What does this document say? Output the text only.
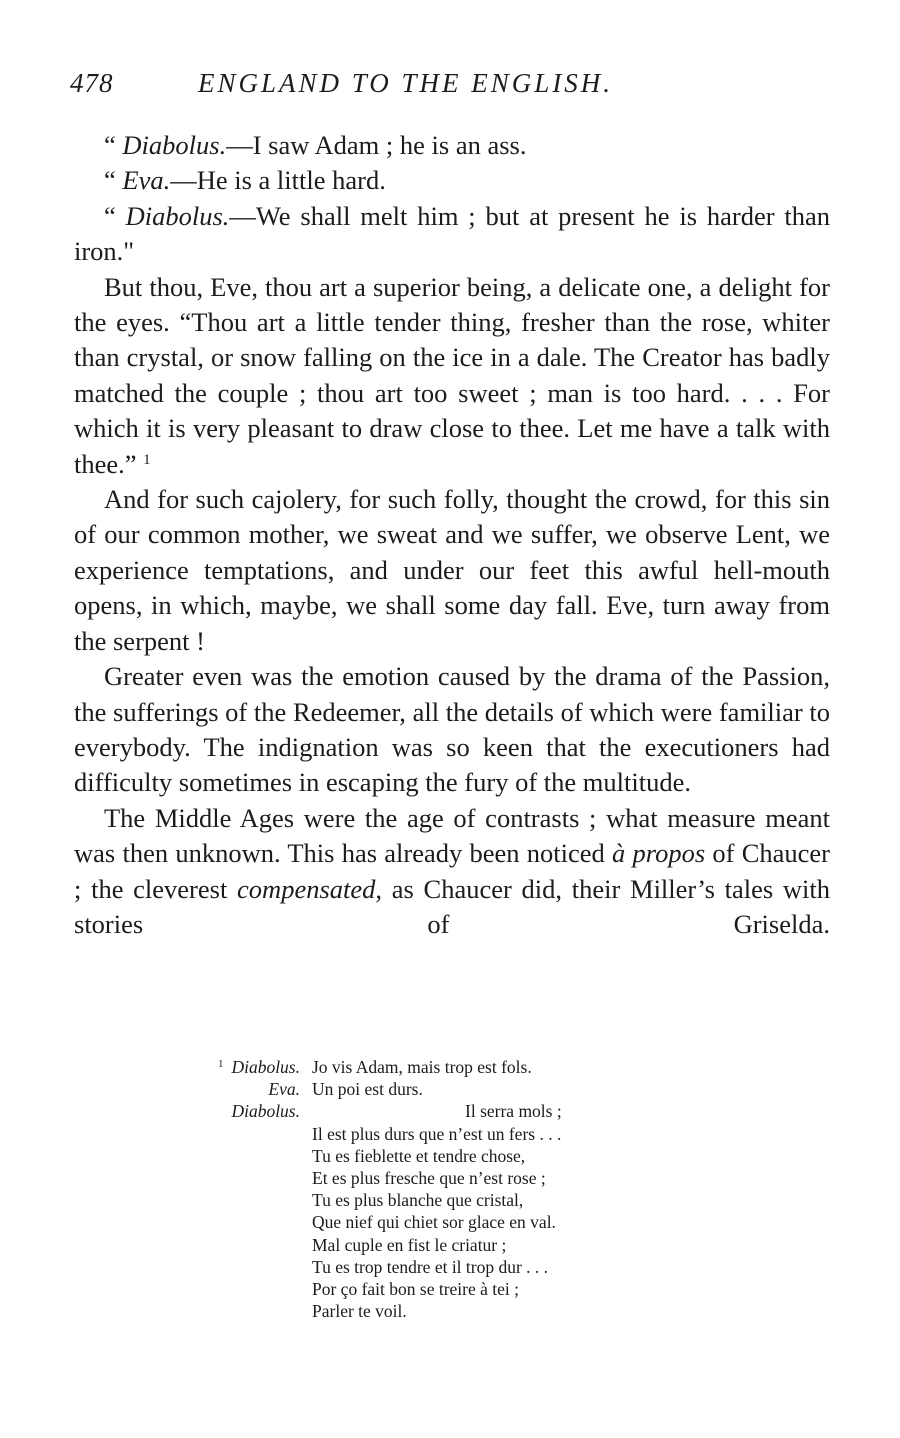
478	ENGLAND TO THE ENGLISH.

“ Diabolus.—I saw Adam ; he is an ass.

“ Eva.—He is a little hard.

“ Diabolus.—We shall melt him ; but at present he is harder than iron."

But thou, Eve, thou art a superior being, a delicate one, a delight for the eyes. “Thou art a little tender thing, fresher than the rose, whiter than crystal, or snow falling on the ice in a dale. The Creator has badly matched the couple ; thou art too sweet ; man is too hard. . . . For which it is very pleasant to draw close to thee. Let me have a talk with thee.” $^1$

And for such cajolery, for such folly, thought the crowd, for this sin of our common mother, we sweat and we suffer, we observe Lent, we experience temptations, and under our feet this awful hell-mouth opens, in which, maybe, we shall some day fall. Eve, turn away from the serpent !

Greater even was the emotion caused by the drama of the Passion, the sufferings of the Redeemer, all the details of which were familiar to everybody. The indignation was so keen that the executioners had difficulty sometimes in escaping the fury of the multitude.

The Middle Ages were the age of contrasts ; what measure meant was then unknown. This has already been noticed à propos of Chaucer ; the cleverest compensated, as Chaucer did, their Miller’s tales with stories of Griselda.

$^1$ Diabolus. Jo vis Adam, mais trop est fols.
Eva. Un poi est durs.
Diabolus.	Il serra mols ;
Il est plus durs que n’est un fers . . .
Tu es fieblette et tendre chose,
Et es plus fresche que n’est rose ;
Tu es plus blanche que cristal,
Que nief qui chiet sor glace en val.
Mal cuple en fist le criatur ;
Tu es trop tendre et il trop dur . . .
Por ço fait bon se treire à tei ;
Parler te voil.
